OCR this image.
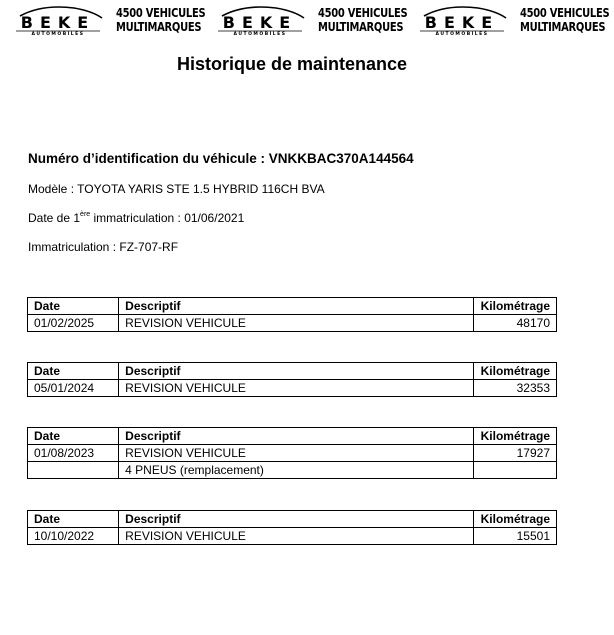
BEKE
AUTOMOBILES
4500 VEHICULES
MULTIMARQUES BEKE
AUTOMOBILES
4500 VEHICULES
MULTIMARQUES BEKE
AUTOMOBILES
4500 VEHICULES
MULTIMARQUES
Historique de maintenance
Numéro d’identification du véhicule : VNKKBAC370A144564
Modèle : TOYOTA YARIS STE 1.5 HYBRID 116CH BVA
Date de 1ère immatriculation : 01/06/2021
Immatriculation : FZ-707-RF
Date	Descriptif	Kilométrage
01/02/2025	REVISION VEHICULE	48170
Date	Descriptif	Kilométrage
05/01/2024	REVISION VEHICULE	32353
Date	Descriptif	Kilométrage
01/08/2023	REVISION VEHICULE	17927
	4 PNEUS (remplacement)	
Date	Descriptif	Kilométrage
10/10/2022	REVISION VEHICULE	15501
